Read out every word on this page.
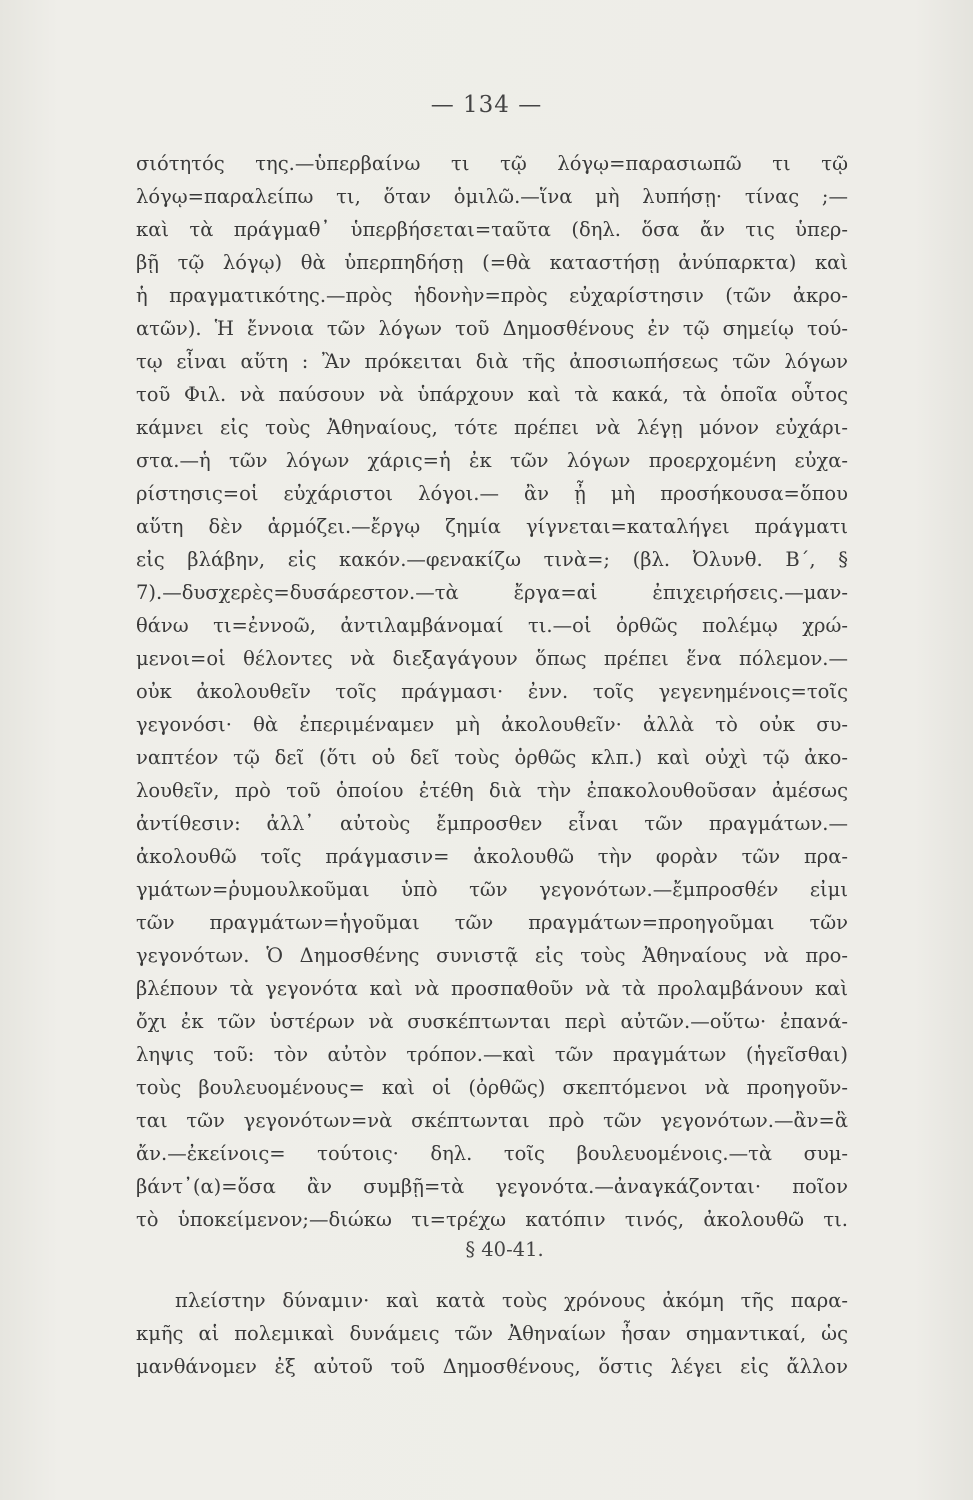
— 134 —
σιότητός της.—ὑπερβαίνω τι τῷ λόγῳ=παρασιωπῶ τι τῷ
λόγῳ=παραλείπω τι, ὅταν ὁμιλῶ.—ἵνα μὴ λυπήσῃ· τίνας ;—
καὶ τὰ πράγμαθ᾽ ὑπερβήσεται=ταῦτα (δηλ. ὅσα ἄν τις ὑπερ-
βῇ τῷ λόγῳ) θὰ ὑπερπηδήσῃ (=θὰ καταστήσῃ ἀνύπαρκτα) καὶ
ἡ πραγματικότης.—πρὸς ἡδονὴν=πρὸς εὐχαρίστησιν (τῶν ἀκρο-
ατῶν). Ἡ ἔννοια τῶν λόγων τοῦ Δημοσθένους ἐν τῷ σημείῳ τού-
τῳ εἶναι αὕτη : Ἂν πρόκειται διὰ τῆς ἀποσιωπήσεως τῶν λόγων
τοῦ Φιλ. νὰ παύσουν νὰ ὑπάρχουν καὶ τὰ κακά, τὰ ὁποῖα οὗτος
κάμνει εἰς τοὺς Ἀθηναίους, τότε πρέπει νὰ λέγῃ μόνον εὐχάρι-
στα.—ἡ τῶν λόγων χάρις=ἡ ἐκ τῶν λόγων προερχομένη εὐχα-
ρίστησις=οἱ εὐχάριστοι λόγοι.— ἂν ᾖ μὴ προσήκουσα=ὅπου
αὕτη δὲν ἁρμόζει.—ἔργῳ ζημία γίγνεται=καταλήγει πράγματι
εἰς βλάβην, εἰς κακόν.—φενακίζω τινὰ=; (βλ. Ὀλυνθ. Β΄, §
7).—δυσχερὲς=δυσάρεστον.—τὰ ἔργα=αἱ ἐπιχειρήσεις.—μαν-
θάνω τι=ἐννοῶ, ἀντιλαμβάνομαί τι.—οἱ ὀρθῶς πολέμῳ χρώ-
μενοι=οἱ θέλοντες νὰ διεξαγάγουν ὅπως πρέπει ἕνα πόλεμον.—
οὐκ ἀκολουθεῖν τοῖς πράγμασι· ἐνν. τοῖς γεγενημένοις=τοῖς
γεγονόσι· θὰ ἐπεριμέναμεν μὴ ἀκολουθεῖν· ἀλλὰ τὸ οὐκ συ-
ναπτέον τῷ δεῖ (ὅτι οὐ δεῖ τοὺς ὀρθῶς κλπ.) καὶ οὐχὶ τῷ ἀκο-
λουθεῖν, πρὸ τοῦ ὁποίου ἐτέθη διὰ τὴν ἐπακολουθοῦσαν ἀμέσως
ἀντίθεσιν: ἀλλ᾽ αὐτοὺς ἔμπροσθεν εἶναι τῶν πραγμάτων.—
ἀκολουθῶ τοῖς πράγμασιν= ἀκολουθῶ τὴν φορὰν τῶν πρα-
γμάτων=ῥυμουλκοῦμαι ὑπὸ τῶν γεγονότων.—ἔμπροσθέν εἰμι
τῶν πραγμάτων=ἡγοῦμαι τῶν πραγμάτων=προηγοῦμαι τῶν
γεγονότων. Ὁ Δημοσθένης συνιστᾷ εἰς τοὺς Ἀθηναίους νὰ προ-
βλέπουν τὰ γεγονότα καὶ νὰ προσπαθοῦν νὰ τὰ προλαμβάνουν καὶ
ὄχι ἐκ τῶν ὑστέρων νὰ συσκέπτωνται περὶ αὐτῶν.—οὕτω· ἐπανά-
ληψις τοῦ: τὸν αὐτὸν τρόπον.—καὶ τῶν πραγμάτων (ἡγεῖσθαι)
τοὺς βουλευομένους= καὶ οἱ (ὀρθῶς) σκεπτόμενοι νὰ προηγοῦν-
ται τῶν γεγονότων=νὰ σκέπτωνται πρὸ τῶν γεγονότων.—ἂν=ἃ
ἄν.—ἐκείνοις= τούτοις· δηλ. τοῖς βουλευομένοις.—τὰ συμ-
βάντ᾽(α)=ὅσα ἂν συμβῇ=τὰ γεγονότα.—ἀναγκάζονται· ποῖον
τὸ ὑποκείμενον;—διώκω τι=τρέχω κατόπιν τινός, ἀκολουθῶ τι.
§ 40-41.
πλείστην δύναμιν· καὶ κατὰ τοὺς χρόνους ἀκόμη τῆς παρα-
κμῆς αἱ πολεμικαὶ δυνάμεις τῶν Ἀθηναίων ἦσαν σημαντικαί, ὡς
μανθάνομεν ἐξ αὐτοῦ τοῦ Δημοσθένους, ὅστις λέγει εἰς ἄλλον
